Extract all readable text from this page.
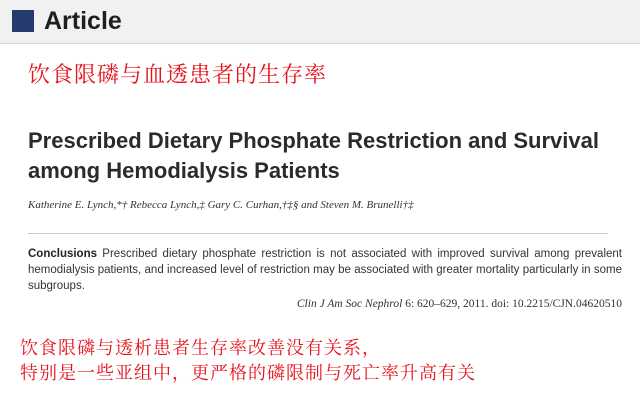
Article
饮食限磷与血透患者的生存率
Prescribed Dietary Phosphate Restriction and Survival among Hemodialysis Patients
Katherine E. Lynch,*† Rebecca Lynch,‡ Gary C. Curhan,†‡§ and Steven M. Brunelli†‡
Conclusions Prescribed dietary phosphate restriction is not associated with improved survival among prevalent hemodialysis patients, and increased level of restriction may be associated with greater mortality particularly in some subgroups.
Clin J Am Soc Nephrol 6: 620–629, 2011. doi: 10.2215/CJN.04620510
饮食限磷与透析患者生存率改善没有关系，
特别是一些亚组中，更严格的磷限制与死亡率升高有关
